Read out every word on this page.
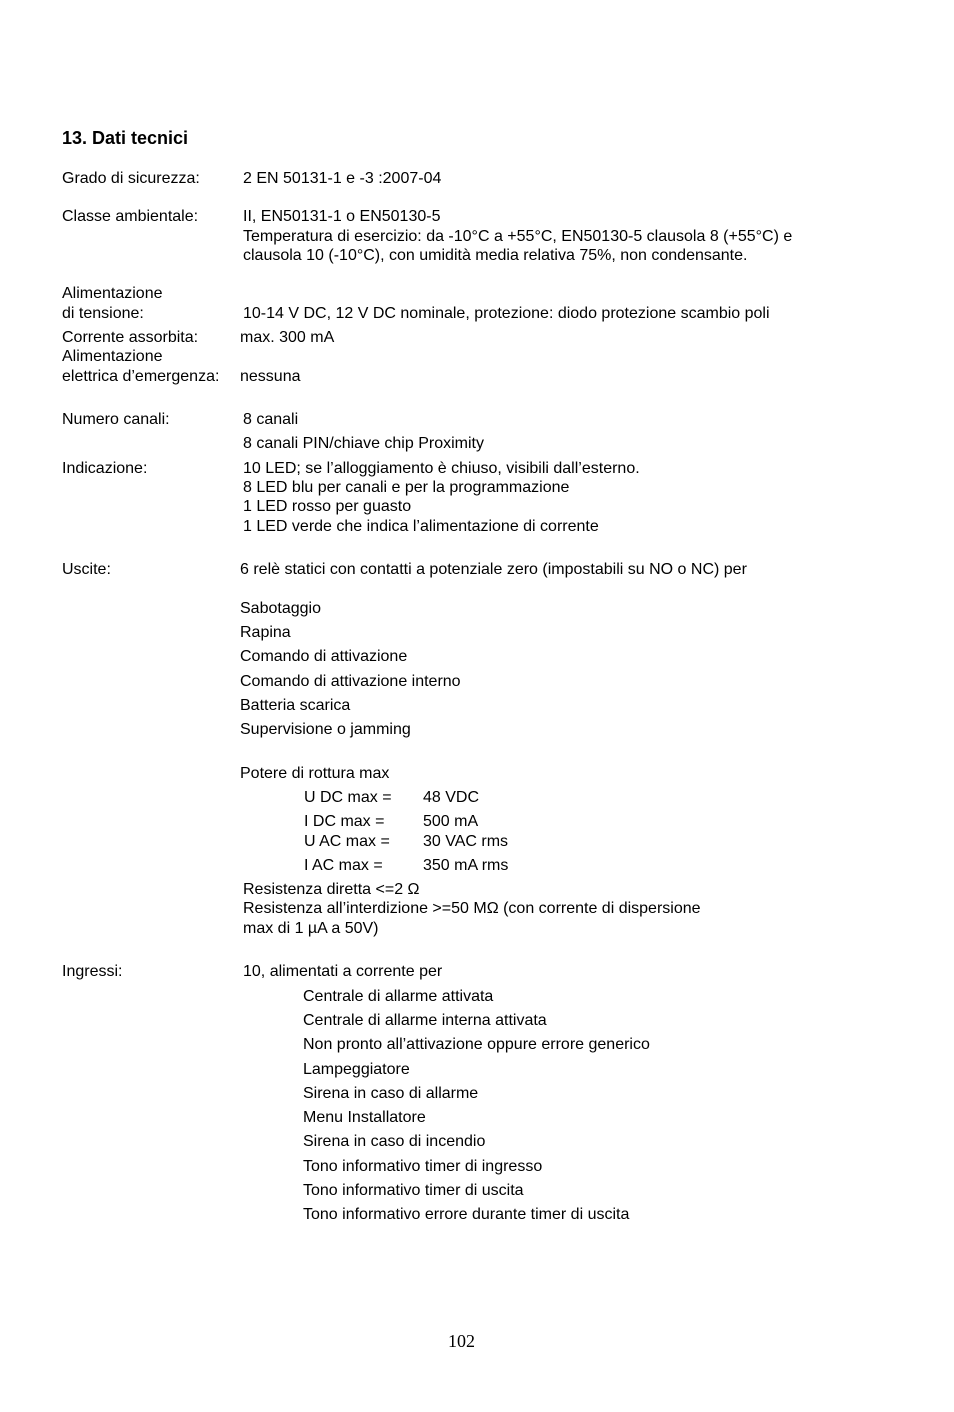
13. Dati tecnici
Grado di sicurezza:	2 EN 50131-1 e -3 :2007-04
Classe ambientale:	II, EN50131-1 o EN50130-5
Temperatura di esercizio: da -10°C a +55°C, EN50130-5 clausola 8 (+55°C) e
clausola 10 (-10°C), con umidità media relativa 75%, non condensante.
Alimentazione
di tensione:	10-14 V DC, 12 V DC nominale, protezione: diodo protezione scambio poli
Corrente assorbita:	max. 300 mA
Alimentazione
elettrica d’emergenza: nessuna
Numero canali:	8 canali
8 canali PIN/chiave chip Proximity
Indicazione:	10 LED; se l’alloggiamento è chiuso, visibili dall’esterno.
8 LED blu per canali e per la programmazione
1 LED rosso per guasto
1 LED verde che indica l’alimentazione di corrente
Uscite:	6 relè statici con contatti a potenziale zero (impostabili su NO o NC) per
Sabotaggio
Rapina
Comando di attivazione
Comando di attivazione interno
Batteria scarica
Supervisione o jamming
Potere di rottura max
U DC max = 48 VDC
I DC max = 500 mA
U AC max = 30 VAC rms
I AC max =	350 mA rms
Resistenza diretta <=2 Ω
Resistenza all’interdizione >=50 MΩ (con corrente di dispersione
max di 1 µA a 50V)
Ingressi:	10, alimentati a corrente per
Centrale di allarme attivata
Centrale di allarme interna attivata
Non pronto all’attivazione oppure errore generico
Lampeggiatore
Sirena in caso di allarme
Menu Installatore
Sirena in caso di incendio
Tono informativo timer di ingresso
Tono informativo timer di uscita
Tono informativo errore durante timer di uscita
102
